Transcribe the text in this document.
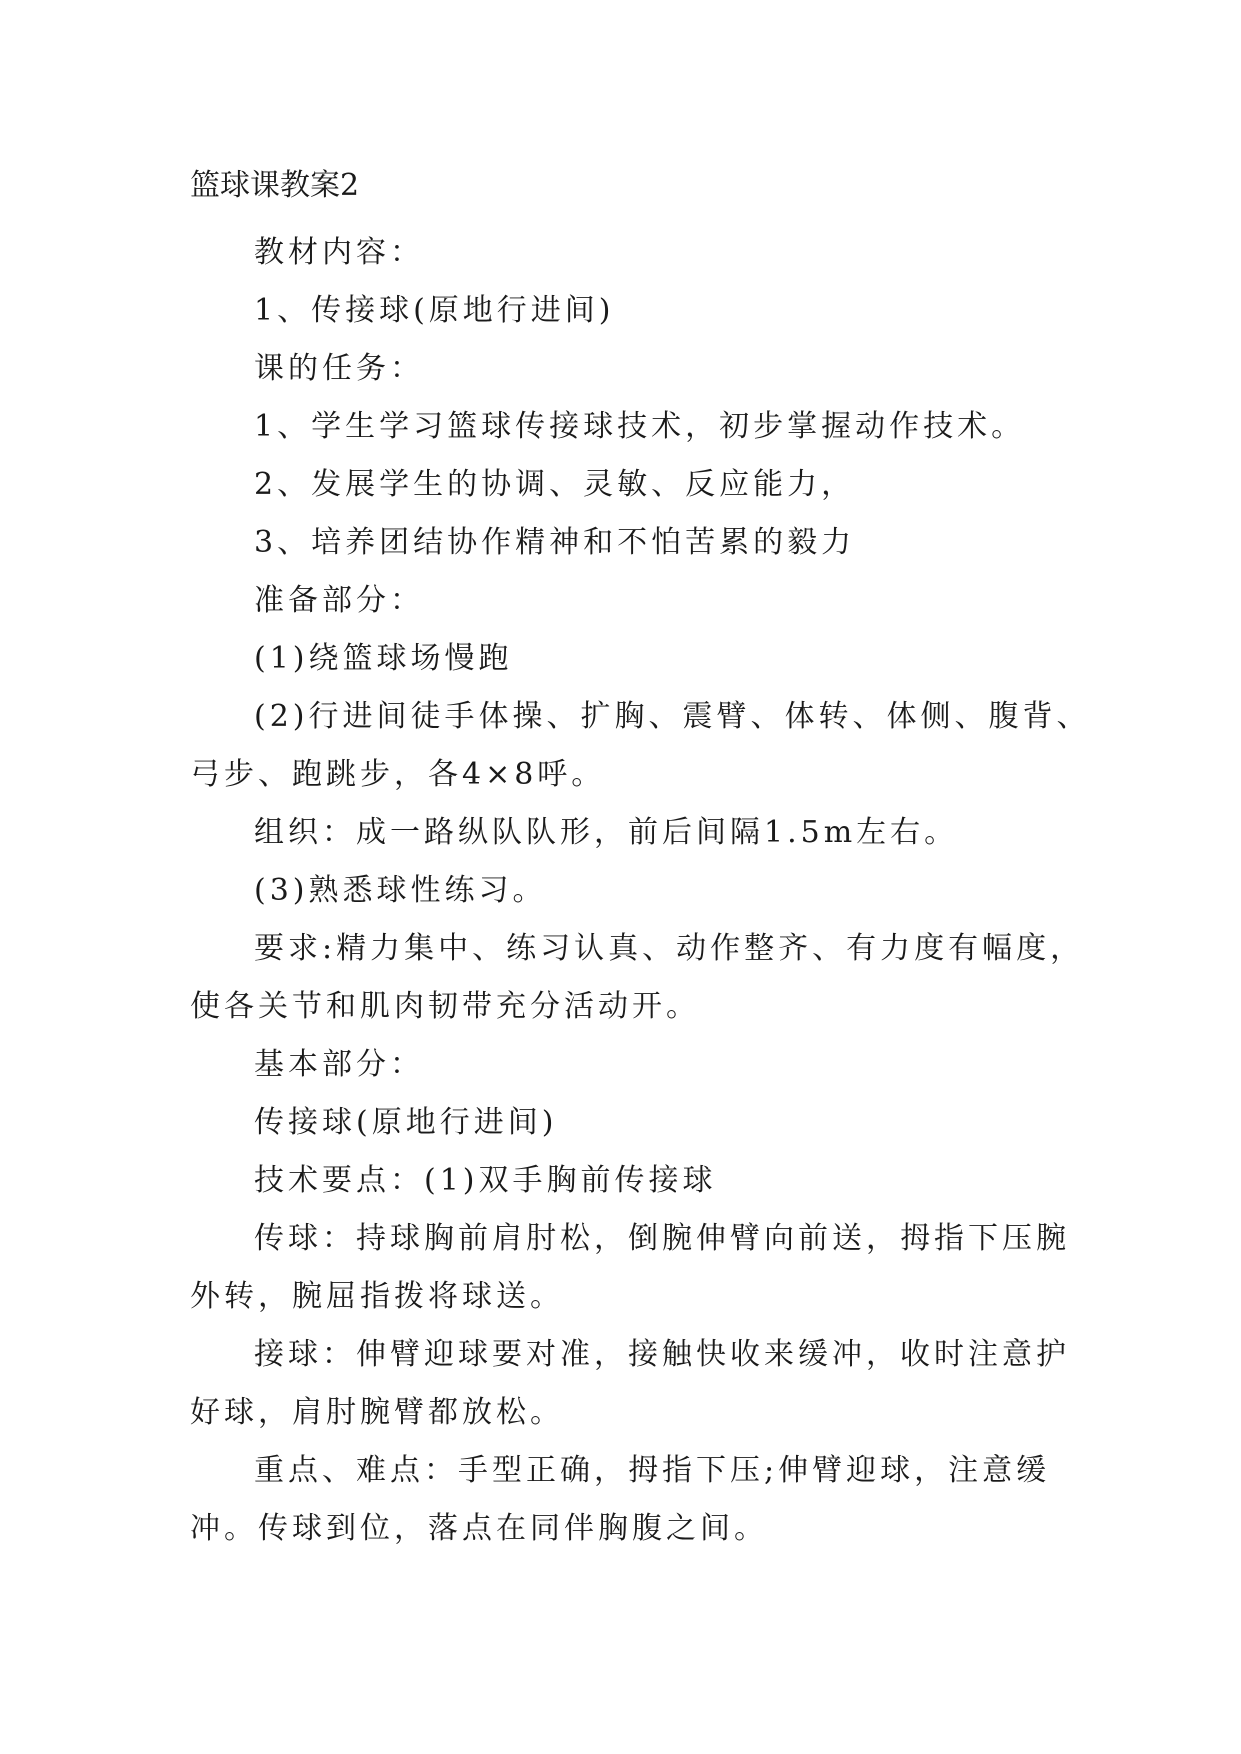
篮球课教案2

教材内容：

1、传接球(原地行进间)

课的任务：

1、学生学习篮球传接球技术，初步掌握动作技术。

2、发展学生的协调、灵敏、反应能力，

3、培养团结协作精神和不怕苦累的毅力

准备部分：

(1)绕篮球场慢跑

(2)行进间徒手体操、扩胸、震臂、体转、体侧、腹背、

弓步、跑跳步，各4×8呼。

组织：成一路纵队队形，前后间隔1.5m左右。

(3)熟悉球性练习。

要求:精力集中、练习认真、动作整齐、有力度有幅度，

使各关节和肌肉韧带充分活动开。

基本部分：

传接球(原地行进间)

技术要点：(1)双手胸前传接球

传球：持球胸前肩肘松，倒腕伸臂向前送，拇指下压腕

外转，腕屈指拨将球送。

接球：伸臂迎球要对准，接触快收来缓冲，收时注意护

好球，肩肘腕臂都放松。

重点、难点：手型正确，拇指下压;伸臂迎球，注意缓

冲。传球到位，落点在同伴胸腹之间。
